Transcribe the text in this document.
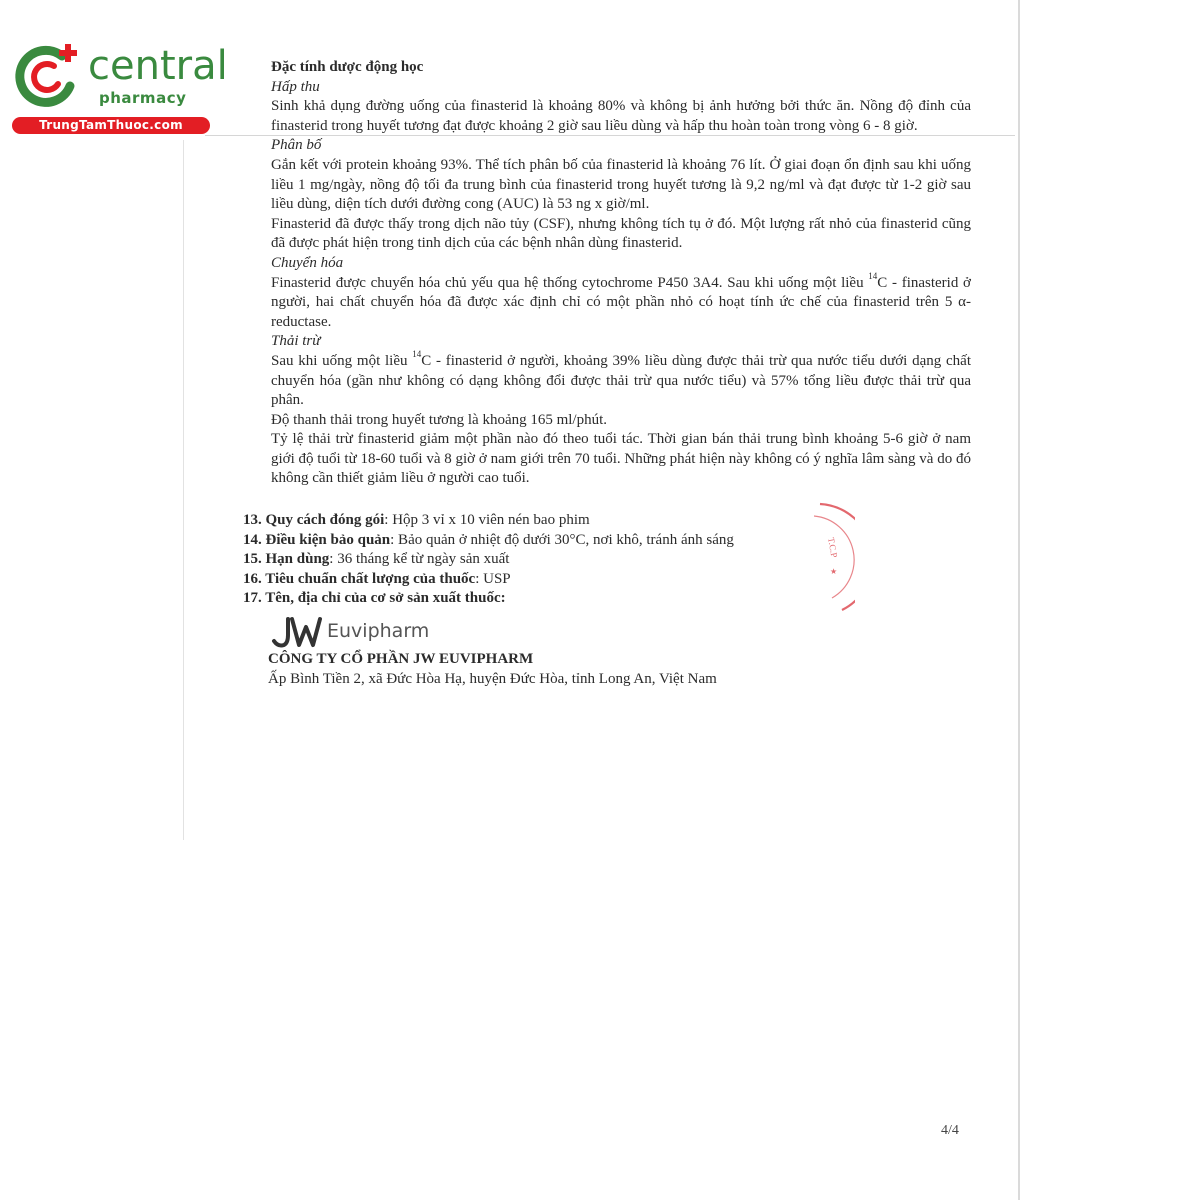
central
pharmacy
TrungTamThuoc.com

Đặc tính dược động học

Hấp thu

Sinh khả dụng đường uống của finasterid là khoảng 80% và không bị ảnh hưởng bởi thức ăn. Nồng độ đỉnh của finasterid trong huyết tương đạt được khoảng 2 giờ sau liều dùng và hấp thu hoàn toàn trong vòng 6 - 8 giờ.

Phân bố

Gắn kết với protein khoảng 93%. Thể tích phân bố của finasterid là khoảng 76 lít. Ở giai đoạn ổn định sau khi uống liều 1 mg/ngày, nồng độ tối đa trung bình của finasterid trong huyết tương là 9,2 ng/ml và đạt được từ 1-2 giờ sau liều dùng, diện tích dưới đường cong (AUC) là 53 ng x giờ/ml.

Finasterid đã được thấy trong dịch não tủy (CSF), nhưng không tích tụ ở đó. Một lượng rất nhỏ của finasterid cũng đã được phát hiện trong tinh dịch của các bệnh nhân dùng finasterid.

Chuyển hóa

Finasterid được chuyển hóa chủ yếu qua hệ thống cytochrome P450 3A4. Sau khi uống một liều $^{14}$C - finasterid ở người, hai chất chuyển hóa đã được xác định chỉ có một phần nhỏ có hoạt tính ức chế của finasterid trên 5 α-reductase.

Thải trừ

Sau khi uống một liều $^{14}$C - finasterid ở người, khoảng 39% liều dùng được thải trừ qua nước tiểu dưới dạng chất chuyển hóa (gần như không có dạng không đổi được thải trừ qua nước tiểu) và 57% tổng liều được thải trừ qua phân.

Độ thanh thải trong huyết tương là khoảng 165 ml/phút.

Tỷ lệ thải trừ finasterid giảm một phần nào đó theo tuổi tác. Thời gian bán thải trung bình khoảng 5-6 giờ ở nam giới độ tuổi từ 18-60 tuổi và 8 giờ ở nam giới trên 70 tuổi. Những phát hiện này không có ý nghĩa lâm sàng và do đó không cần thiết giảm liều ở người cao tuổi.

13. Quy cách đóng gói: Hộp 3 vỉ x 10 viên nén bao phim
14. Điều kiện bảo quản: Bảo quản ở nhiệt độ dưới 30°C, nơi khô, tránh ánh sáng
15. Hạn dùng: 36 tháng kể từ ngày sản xuất
16. Tiêu chuẩn chất lượng của thuốc: USP
17. Tên, địa chỉ của cơ sở sản xuất thuốc:
Euvipharm
CÔNG TY CỔ PHẦN JW EUVIPHARM
Ấp Bình Tiền 2, xã Đức Hòa Hạ, huyện Đức Hòa, tỉnh Long An, Việt Nam
T.C.P
★
4/4
